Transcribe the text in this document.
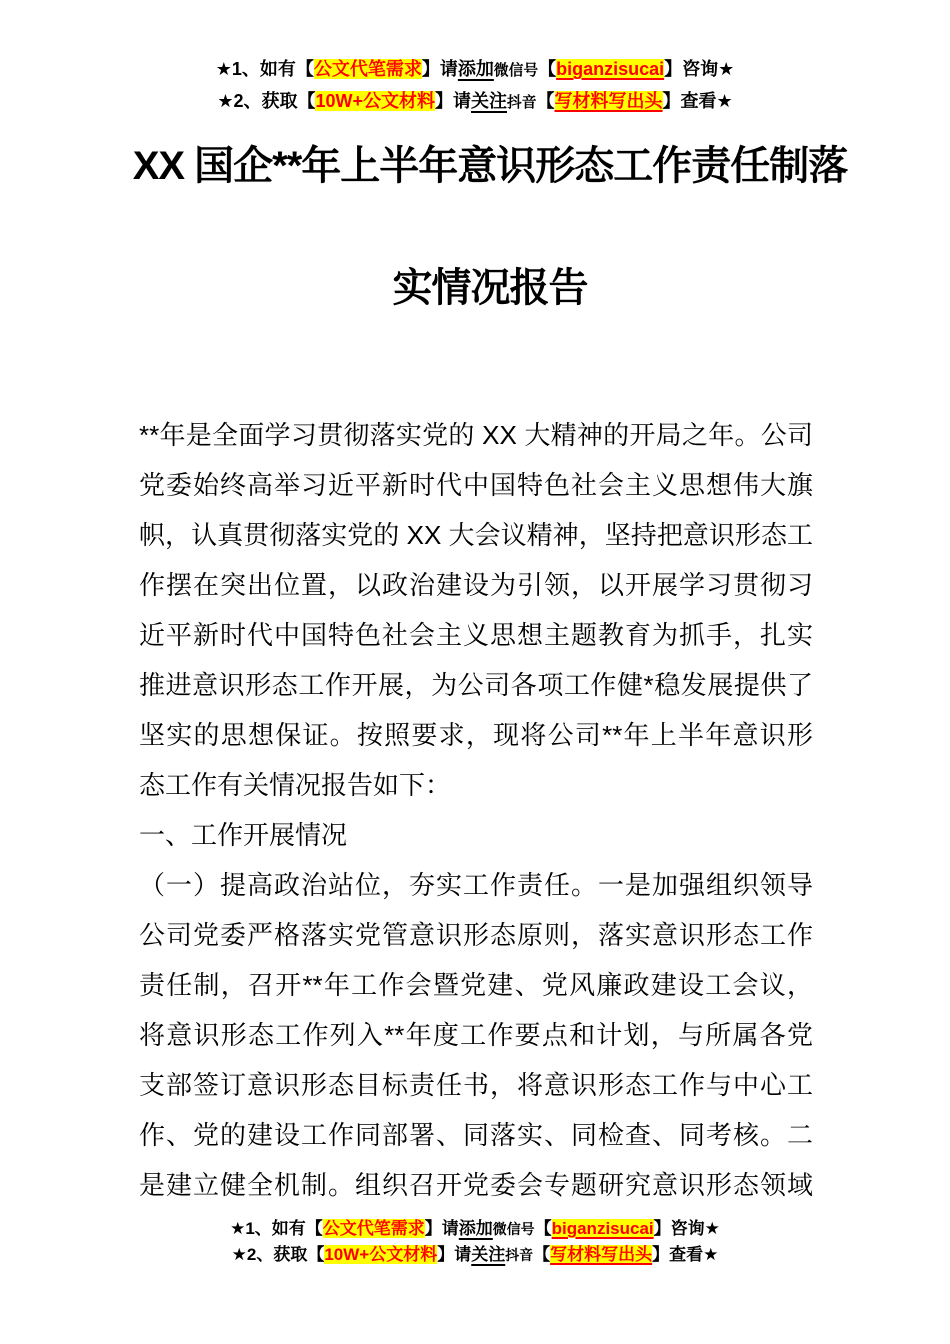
★1、如有【公文代笔需求】请添加微信号【biganzisucai】咨询★
★2、获取【10W+公文材料】请关注抖音【写材料写出头】查看★
XX 国企**年上半年意识形态工作责任制落
实情况报告
**年是全面学习贯彻落实党的 XX 大精神的开局之年。公司
党委始终高举习近平新时代中国特色社会主义思想伟大旗
帜，认真贯彻落实党的 XX 大会议精神，坚持把意识形态工
作摆在突出位置，以政治建设为引领，以开展学习贯彻习
近平新时代中国特色社会主义思想主题教育为抓手，扎实
推进意识形态工作开展，为公司各项工作健*稳发展提供了
坚实的思想保证。按照要求，现将公司**年上半年意识形
态工作有关情况报告如下：
一、工作开展情况
（一）提高政治站位，夯实工作责任。一是加强组织领导
公司党委严格落实党管意识形态原则，落实意识形态工作
责任制，召开**年工作会暨党建、党风廉政建设工会议，
将意识形态工作列入**年度工作要点和计划，与所属各党
支部签订意识形态目标责任书，将意识形态工作与中心工
作、党的建设工作同部署、同落实、同检查、同考核。二
是建立健全机制。组织召开党委会专题研究意识形态领域
★1、如有【公文代笔需求】请添加微信号【biganzisucai】咨询★
★2、获取【10W+公文材料】请关注抖音【写材料写出头】查看★
